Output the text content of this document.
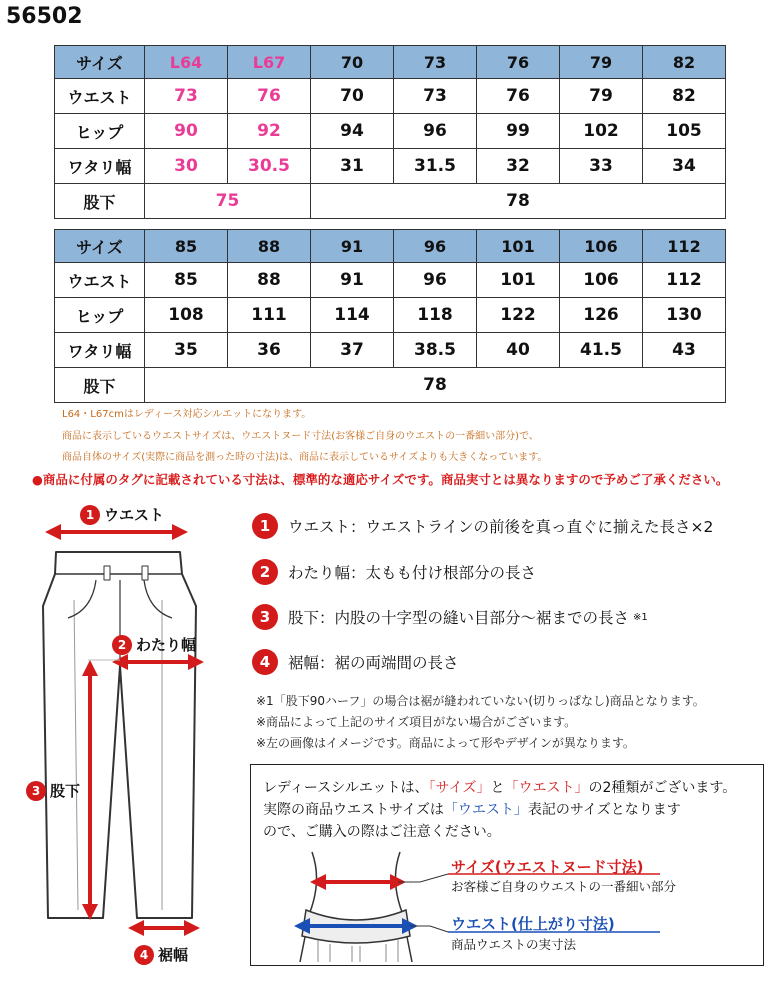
56502
サイズ	L64	L67	70	73	76	79	82
ウエスト	73	76	70	73	76	79	82
ヒップ	90	92	94	96	99	102	105
ワタリ幅	30	30.5	31	31.5	32	33	34
股下	75		78				
サイズ	85	88	91	96	101	106	112
ウエスト	85	88	91	96	101	106	112
ヒップ	108	111	114	118	122	126	130
ワタリ幅	35	36	37	38.5	40	41.5	43
股下	78						
L64・L67cmはレディース対応シルエットになります。
商品に表示しているウエストサイズは、ウエストヌード寸法(お客様ご自身のウエストの一番細い部分)で、
商品自体のサイズ(実際に商品を測った時の寸法)は、商品に表示しているサイズよりも大きくなっています。
●商品に付属のタグに記載されている寸法は、標準的な適応サイズです。商品実寸とは異なりますので予めご了承ください。
1 ウエスト
2 わたり幅
3 股下
4 裾幅
1	ウエスト ：ウエストラインの前後を真っ直ぐに揃えた長さ×2
2	わたり幅 ：太もも付け根部分の長さ
3	股下 ：内股の十字型の縫い目部分～裾までの長さ ※1
4	裾幅 ：裾の両端間の長さ
※1「股下90ハーフ」の場合は裾が縫われていない(切りっぱなし)商品となります。
※商品によって上記のサイズ項目がない場合がございます。
※左の画像はイメージです。商品によって形やデザインが異なります。
レディースシルエットは、「サイズ」と「ウエスト」の2種類がございます。
実際の商品ウエストサイズは「ウエスト」表記のサイズとなります
ので、ご購入の際はご注意ください。
サイズ(ウエストヌード寸法)
お客様ご自身のウエストの一番細い部分
ウエスト(仕上がり寸法)
商品ウエストの実寸法
